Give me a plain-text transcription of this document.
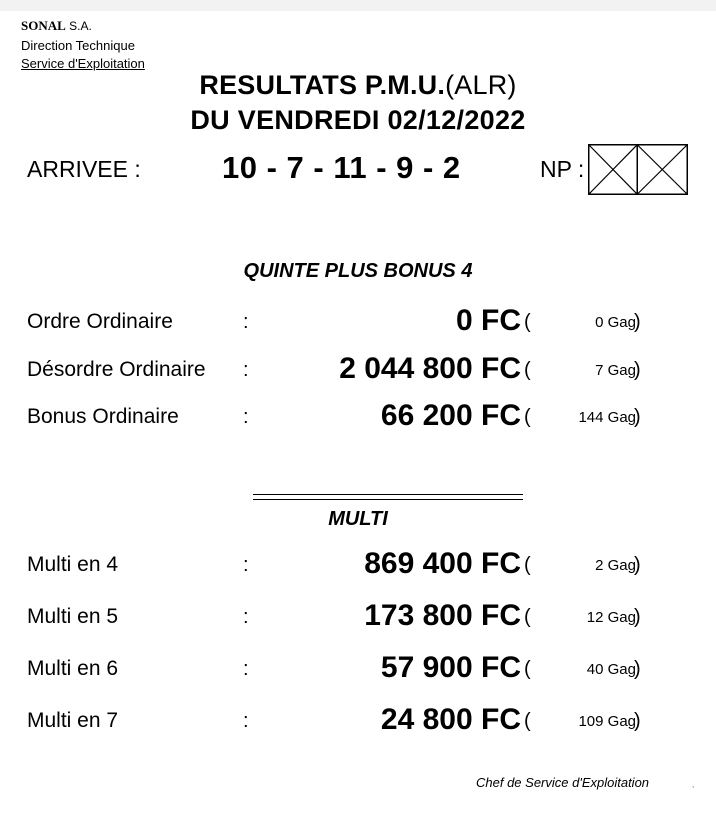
SONAL S.A.
Direction Technique
Service d'Exploitation
RESULTATS P.M.U.(ALR)
DU VENDREDI 02/12/2022
ARRIVEE :	10 - 7 - 11 - 9 - 2	NP :
QUINTE PLUS BONUS 4
Ordre Ordinaire	:	0 FC (	0 Gag
)
Désordre Ordinaire :	2 044 800 FC (	7 Gag
)
Bonus Ordinaire	:	66 200 FC (	144 Gag
)
MULTI
Multi en 4	:	869 400 FC (	2 Gag
)
Multi en 5	:	173 800 FC (	12 Gag
)
Multi en 6	:	57 900 FC (	40 Gag
)
Multi en 7	:	24 800 FC (	109 Gag
)
Chef de Service d'Exploitation	,
